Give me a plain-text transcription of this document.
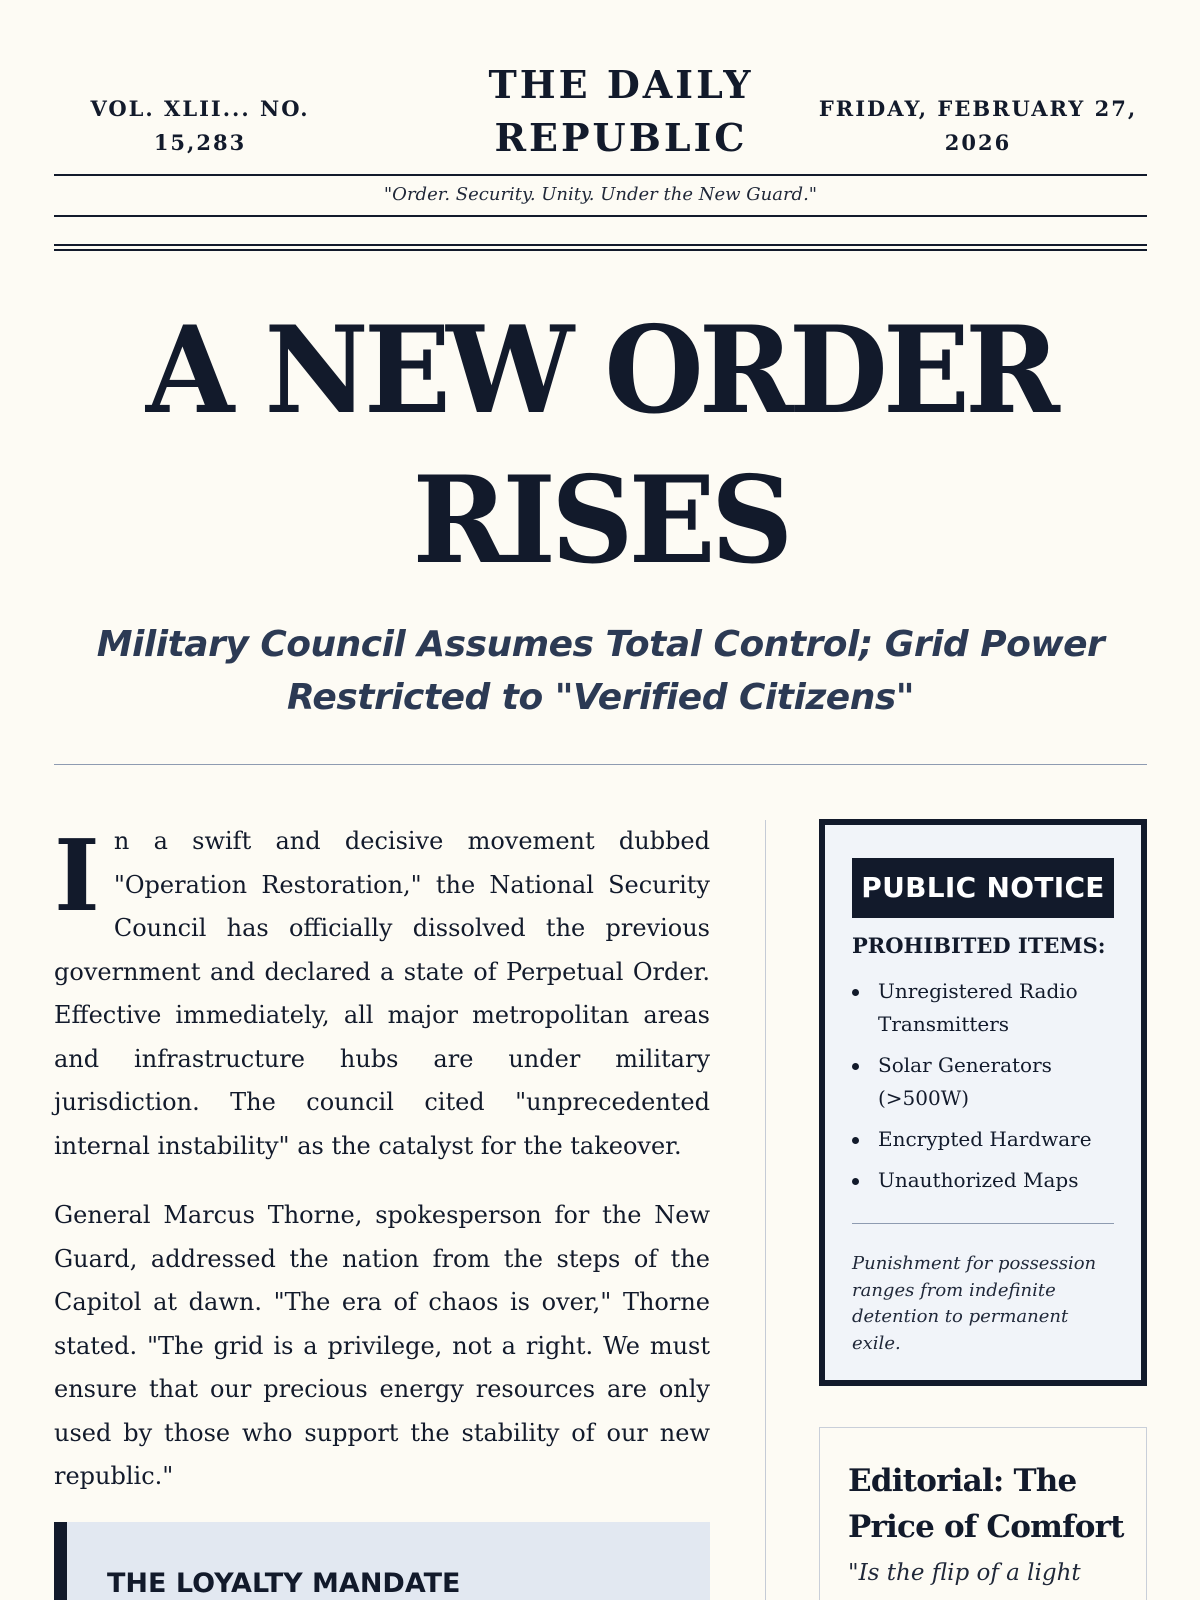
VOL. XLII... NO. 15,283
THE DAILY REPUBLIC
FRIDAY, FEBRUARY 27, 2026
"Order. Security. Unity. Under the New Guard."
A NEW ORDER RISES
Military Council Assumes Total Control; Grid Power Restricted to "Verified Citizens"

In a swift and decisive movement dubbed "Operation Restoration," the National Security Council has officially dissolved the previous government and declared a state of Perpetual Order. Effective immediately, all major metropolitan areas and infrastructure hubs are under military jurisdiction. The council cited "unprecedented internal instability" as the catalyst for the takeover.

General Marcus Thorne, spokesperson for the New Guard, addressed the nation from the steps of the Capitol at dawn. "The era of chaos is over," Thorne stated. "The grid is a privilege, not a right. We must ensure that our precious energy resources are only used by those who support the stability of our new republic."

THE LOYALTY MANDATE
PUBLIC NOTICE
PROHIBITED ITEMS:
Unregistered Radio Transmitters
Solar Generators (>500W)
Encrypted Hardware
Unauthorized Maps
Punishment for possession ranges from indefinite detention to permanent exile.
Editorial: The Price of Comfort
"Is the flip of a light
